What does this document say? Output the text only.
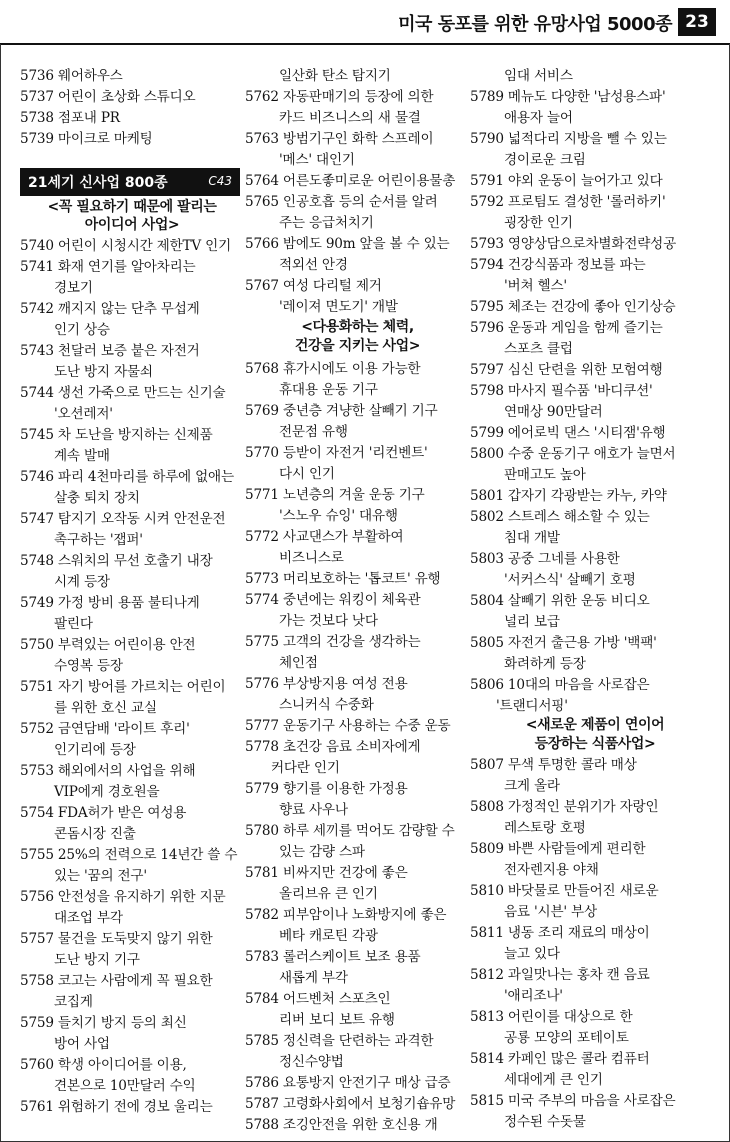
미국 동포를 위한 유망사업 5000종 23
21세기 신사업 800종	C43
5736 웨어하우스
5737 어린이 초상화 스튜디오
5738 점포내 PR
5739 마이크로 마케팅
<꼭 필요하기 때문에 팔리는
아이디어 사업>
5740 어린이 시청시간 제한TV 인기
5741 화재 연기를 알아차리는
경보기
5742 깨지지 않는 단추 무섭게
인기 상승
5743 천달러 보증 붙은 자전거
도난 방지 자물쇠
5744 생선 가죽으로 만드는 신기술
'오션레저'
5745 차 도난을 방지하는 신제품
계속 발매
5746 파리 4천마리를 하루에 없애는
살충 퇴치 장치
5747 탐지기 오작동 시켜 안전운전
촉구하는 '잽퍼'
5748 스워치의 무선 호출기 내장
시계 등장
5749 가정 방비 용품 불티나게
팔린다
5750 부력있는 어린이용 안전
수영복 등장
5751 자기 방어를 가르치는 어린이
를 위한 호신 교실
5752 금연담배 '라이트 후리'
인기리에 등장
5753 해외에서의 사업을 위해
VIP에게 경호원을
5754 FDA허가 받은 여성용
콘돔시장 진출
5755 25%의 전력으로 14년간 쓸 수
있는 '꿈의 전구'
5756 안전성을 유지하기 위한 지문
대조업 부각
5757 물건을 도둑맞지 않기 위한
도난 방지 기구
5758 코고는 사람에게 꼭 필요한
코집게
5759 들치기 방지 등의 최신
방어 사업
5760 학생 아이디어를 이용,
견본으로 10만달러 수익
5761 위험하기 전에 경보 울리는
일산화 탄소 탐지기
5762 자동판매기의 등장에 의한
카드 비즈니스의 새 물결
5763 방범기구인 화학 스프레이
'메스' 대인기
5764 어른도좋미로운 어린이용물총
5765 인공호흡 등의 순서를 알려
주는 응급처치기
5766 밤에도 90m 앞을 볼 수 있는
적외선 안경
5767 여성 다리털 제거
'레이져 면도기' 개발
<다용화하는 체력,
건강을 지키는 사업>
5768 휴가시에도 이용 가능한
휴대용 운동 기구
5769 중년층 겨냥한 살빼기 기구
전문점 유행
5770 등받이 자전거 '리컨벤트'
다시 인기
5771 노년층의 겨울 운동 기구
'스노우 슈잉' 대유행
5772 사교댄스가 부활하여
비즈니스로
5773 머리보호하는 '톱코트' 유행
5774 중년에는 워킹이 체육관
가는 것보다 낫다
5775 고객의 건강을 생각하는
체인점
5776 부상방지용 여성 전용
스니커식 수중화
5777 운동기구 사용하는 수중 운동
5778 초건강 음료 소비자에게
커다란 인기
5779 향기를 이용한 가정용
향료 사우나
5780 하루 세끼를 먹어도 감량할 수
있는 감량 스파
5781 비싸지만 건강에 좋은
올리브유 큰 인기
5782 피부암이나 노화방지에 좋은
베타 캐로틴 각광
5783 롤러스케이트 보조 용품
새롭게 부각
5784 어드벤처 스포츠인
리버 보디 보트 유행
5785 정신력을 단련하는 과격한
정신수양법
5786 요통방지 안전기구 매상 급증
5787 고령화사회에서 보청기숍유망
5788 조깅안전을 위한 호신용 개
임대 서비스
5789 메뉴도 다양한 '남성용스파'
애용자 늘어
5790 넓적다리 지방을 뺄 수 있는
경이로운 크림
5791 야외 운동이 늘어가고 있다
5792 프로팀도 결성한 '롤러하키'
굉장한 인기
5793 영양상담으로차별화전략성공
5794 건강식품과 정보를 파는
'버쳐 헬스'
5795 체조는 건강에 좋아 인기상승
5796 운동과 게임을 함께 즐기는
스포츠 클럽
5797 심신 단련을 위한 모험여행
5798 마사지 필수품 '바디쿠션'
연매상 90만달러
5799 에어로빅 댄스 '시티잼'유행
5800 수중 운동기구 애호가 늘면서
판매고도 높아
5801 갑자기 각광받는 카누, 카약
5802 스트레스 해소할 수 있는
침대 개발
5803 공중 그네를 사용한
'서커스식' 살빼기 호평
5804 살빼기 위한 운동 비디오
널리 보급
5805 자전거 출근용 가방 '백팩'
화려하게 등장
5806 10대의 마음을 사로잡은
'트랜디서핑'
<새로운 제품이 연이어
등장하는 식품사업>
5807 무색 투명한 콜라 매상
크게 올라
5808 가정적인 분위기가 자랑인
레스토랑 호평
5809 바쁜 사람들에게 편리한
전자렌지용 야채
5810 바닷물로 만들어진 새로운
음료 '시븐' 부상
5811 냉동 조리 재료의 매상이
늘고 있다
5812 과일맛나는 홍차 캔 음료
'애리조나'
5813 어린이를 대상으로 한
공룡 모양의 포테이토
5814 카페인 많은 콜라 컴퓨터
세대에게 큰 인기
5815 미국 주부의 마음을 사로잡은
정수된 수돗물
